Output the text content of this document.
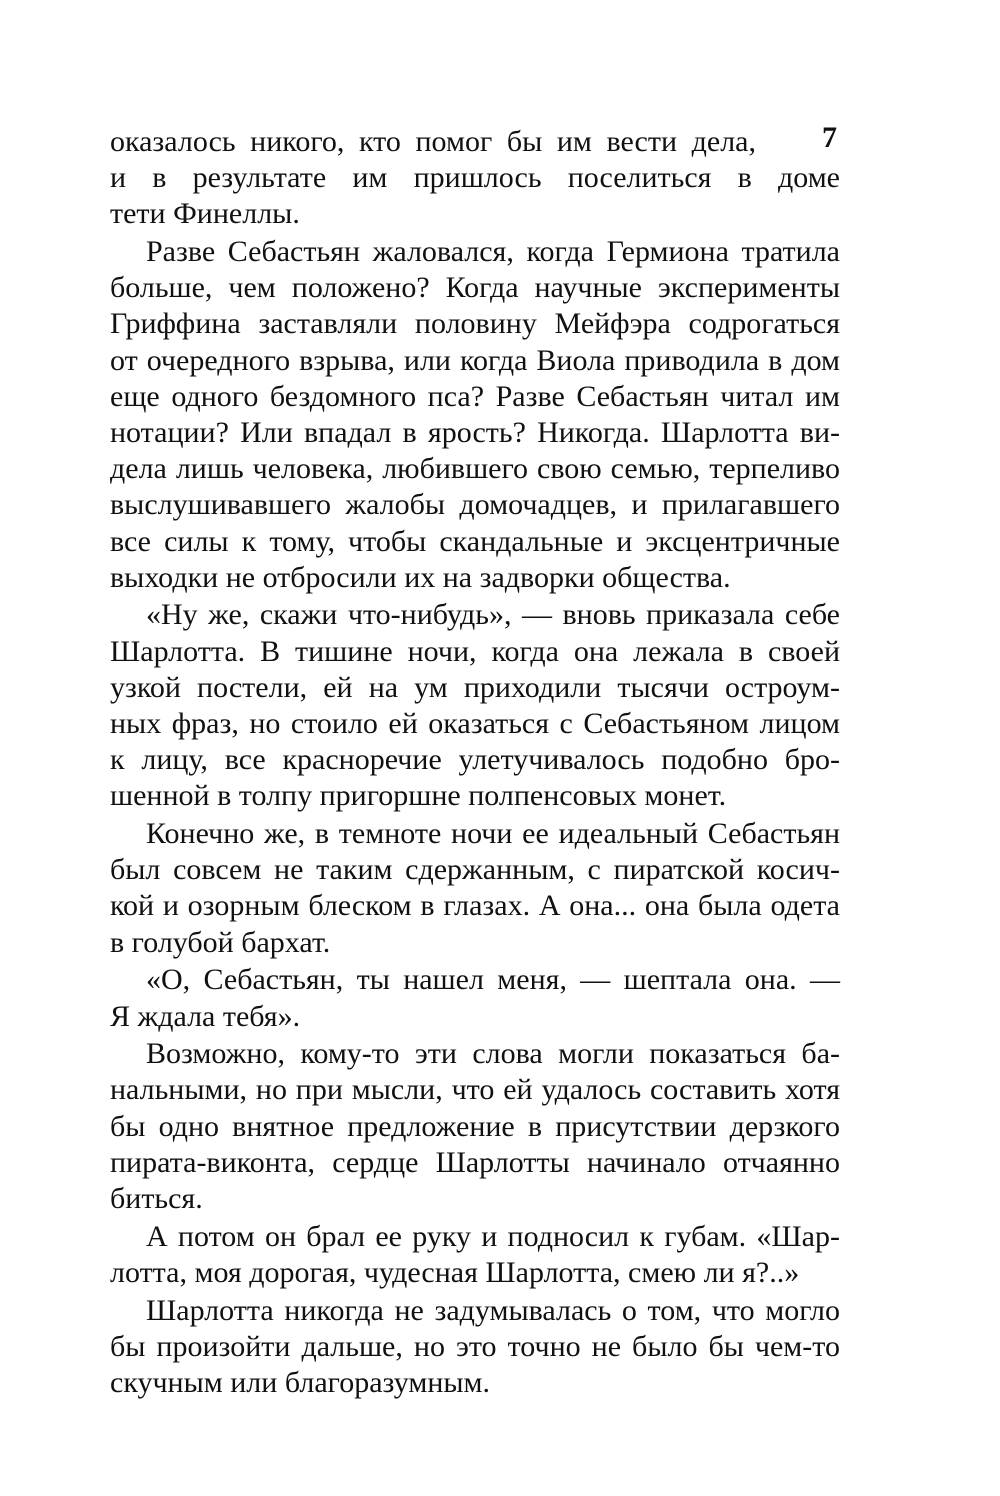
7
оказалось никого, кто помог бы им вести дела,
и в результате им пришлось поселиться в доме
тети Финеллы.
Разве Себастьян жаловался, когда Гермиона тратила
больше, чем положено? Когда научные эксперименты
Гриффина заставляли половину Мейфэра содрогаться
от очередного взрыва, или когда Виола приводила в дом
еще одного бездомного пса? Разве Себастьян читал им
нотации? Или впадал в ярость? Никогда. Шарлотта ви-
дела лишь человека, любившего свою семью, терпеливо
выслушивавшего жалобы домочадцев, и прилагавшего
все силы к тому, чтобы скандальные и эксцентричные
выходки не отбросили их на задворки общества.
«Ну же, скажи что-нибудь», — вновь приказала себе
Шарлотта. В тишине ночи, когда она лежала в своей
узкой постели, ей на ум приходили тысячи остроум-
ных фраз, но стоило ей оказаться с Себастьяном лицом
к лицу, все красноречие улетучивалось подобно бро-
шенной в толпу пригоршне полпенсовых монет.
Конечно же, в темноте ночи ее идеальный Себастьян
был совсем не таким сдержанным, с пиратской косич-
кой и озорным блеском в глазах. А она... она была одета
в голубой бархат.
«О, Себастьян, ты нашел меня, — шептала она. —
Я ждала тебя».
Возможно, кому-то эти слова могли показаться ба-
нальными, но при мысли, что ей удалось составить хотя
бы одно внятное предложение в присутствии дерзкого
пирата-виконта, сердце Шарлотты начинало отчаянно
биться.
А потом он брал ее руку и подносил к губам. «Шар-
лотта, моя дорогая, чудесная Шарлотта, смею ли я?..»
Шарлотта никогда не задумывалась о том, что могло
бы произойти дальше, но это точно не было бы чем-то
скучным или благоразумным.
